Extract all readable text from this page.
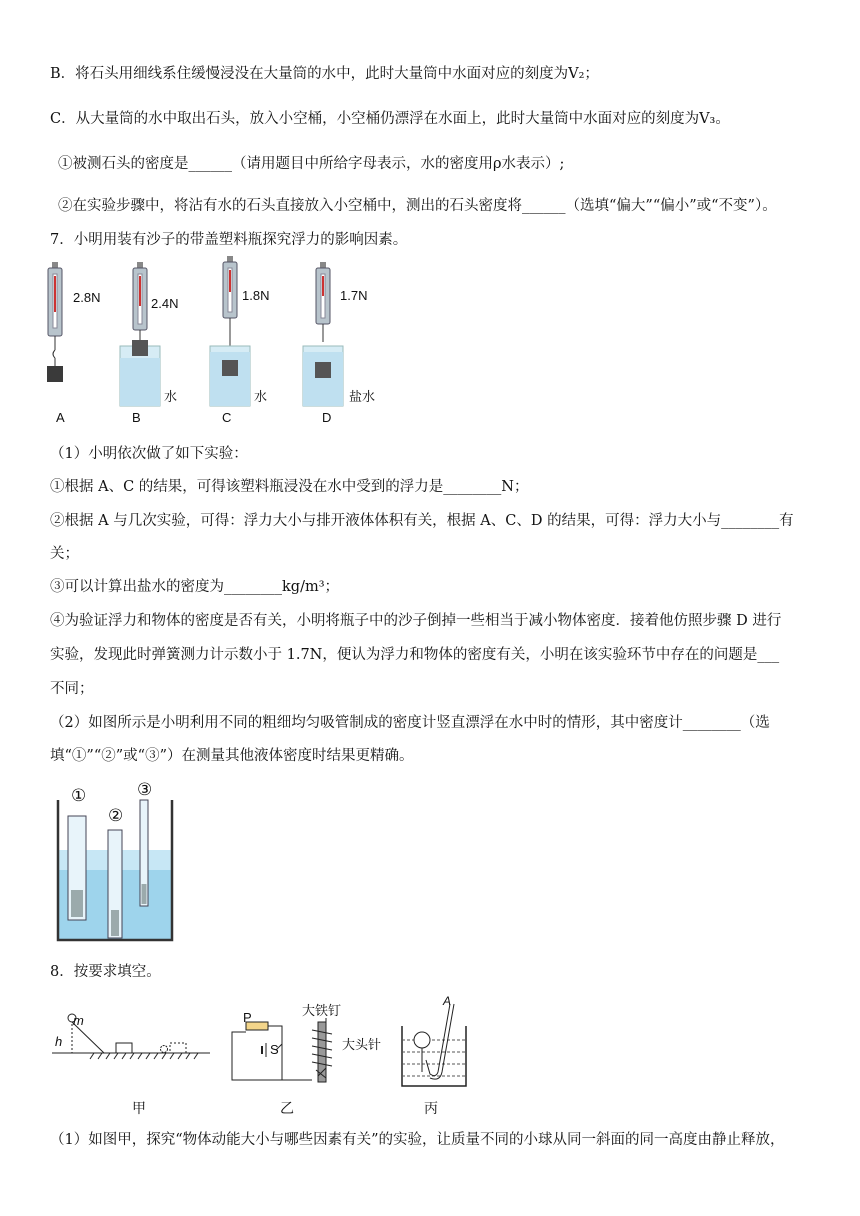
B．将石头用细线系住缓慢浸没在大量筒的水中，此时大量筒中水面对应的刻度为V₂；
C．从大量筒的水中取出石头，放入小空桶，小空桶仍漂浮在水面上，此时大量筒中水面对应的刻度为V₃。
①被测石头的密度是______（请用题目中所给字母表示，水的密度用ρ水表示）;
②在实验步骤中，将沾有水的石头直接放入小空桶中，测出的石头密度将______（选填“偏大”“偏小”或“不变”）。
7．小明用装有沙子的带盖塑料瓶探究浮力的影响因素。
2.8N	2.4N
1.8N	1.7N
水	水	盐水
A	B	C	D
（1）小明依次做了如下实验：
①根据 A、C 的结果，可得该塑料瓶浸没在水中受到的浮力是________N；
②根据 A 与几次实验，可得：浮力大小与排开液体体积有关，根据 A、C、D 的结果，可得：浮力大小与________有
关；
③可以计算出盐水的密度为________kg/m³；
④为验证浮力和物体的密度是否有关，小明将瓶子中的沙子倒掉一些相当于减小物体密度．接着他仿照步骤 D 进行
实验，发现此时弹簧测力计示数小于 1.7N，便认为浮力和物体的密度有关，小明在该实验环节中存在的问题是___
不同；
（2）如图所示是小明利用不同的粗细均匀吸管制成的密度计竖直漂浮在水中时的情形，其中密度计________（选
填“①”“②”或“③”）在测量其他液体密度时结果更精确。
①
②
③
8．按要求填空。
m
h
P
S
大铁钉
大头针
A
甲	乙	丙
（1）如图甲，探究“物体动能大小与哪些因素有关”的实验，让质量不同的小球从同一斜面的同一高度由静止释放，
